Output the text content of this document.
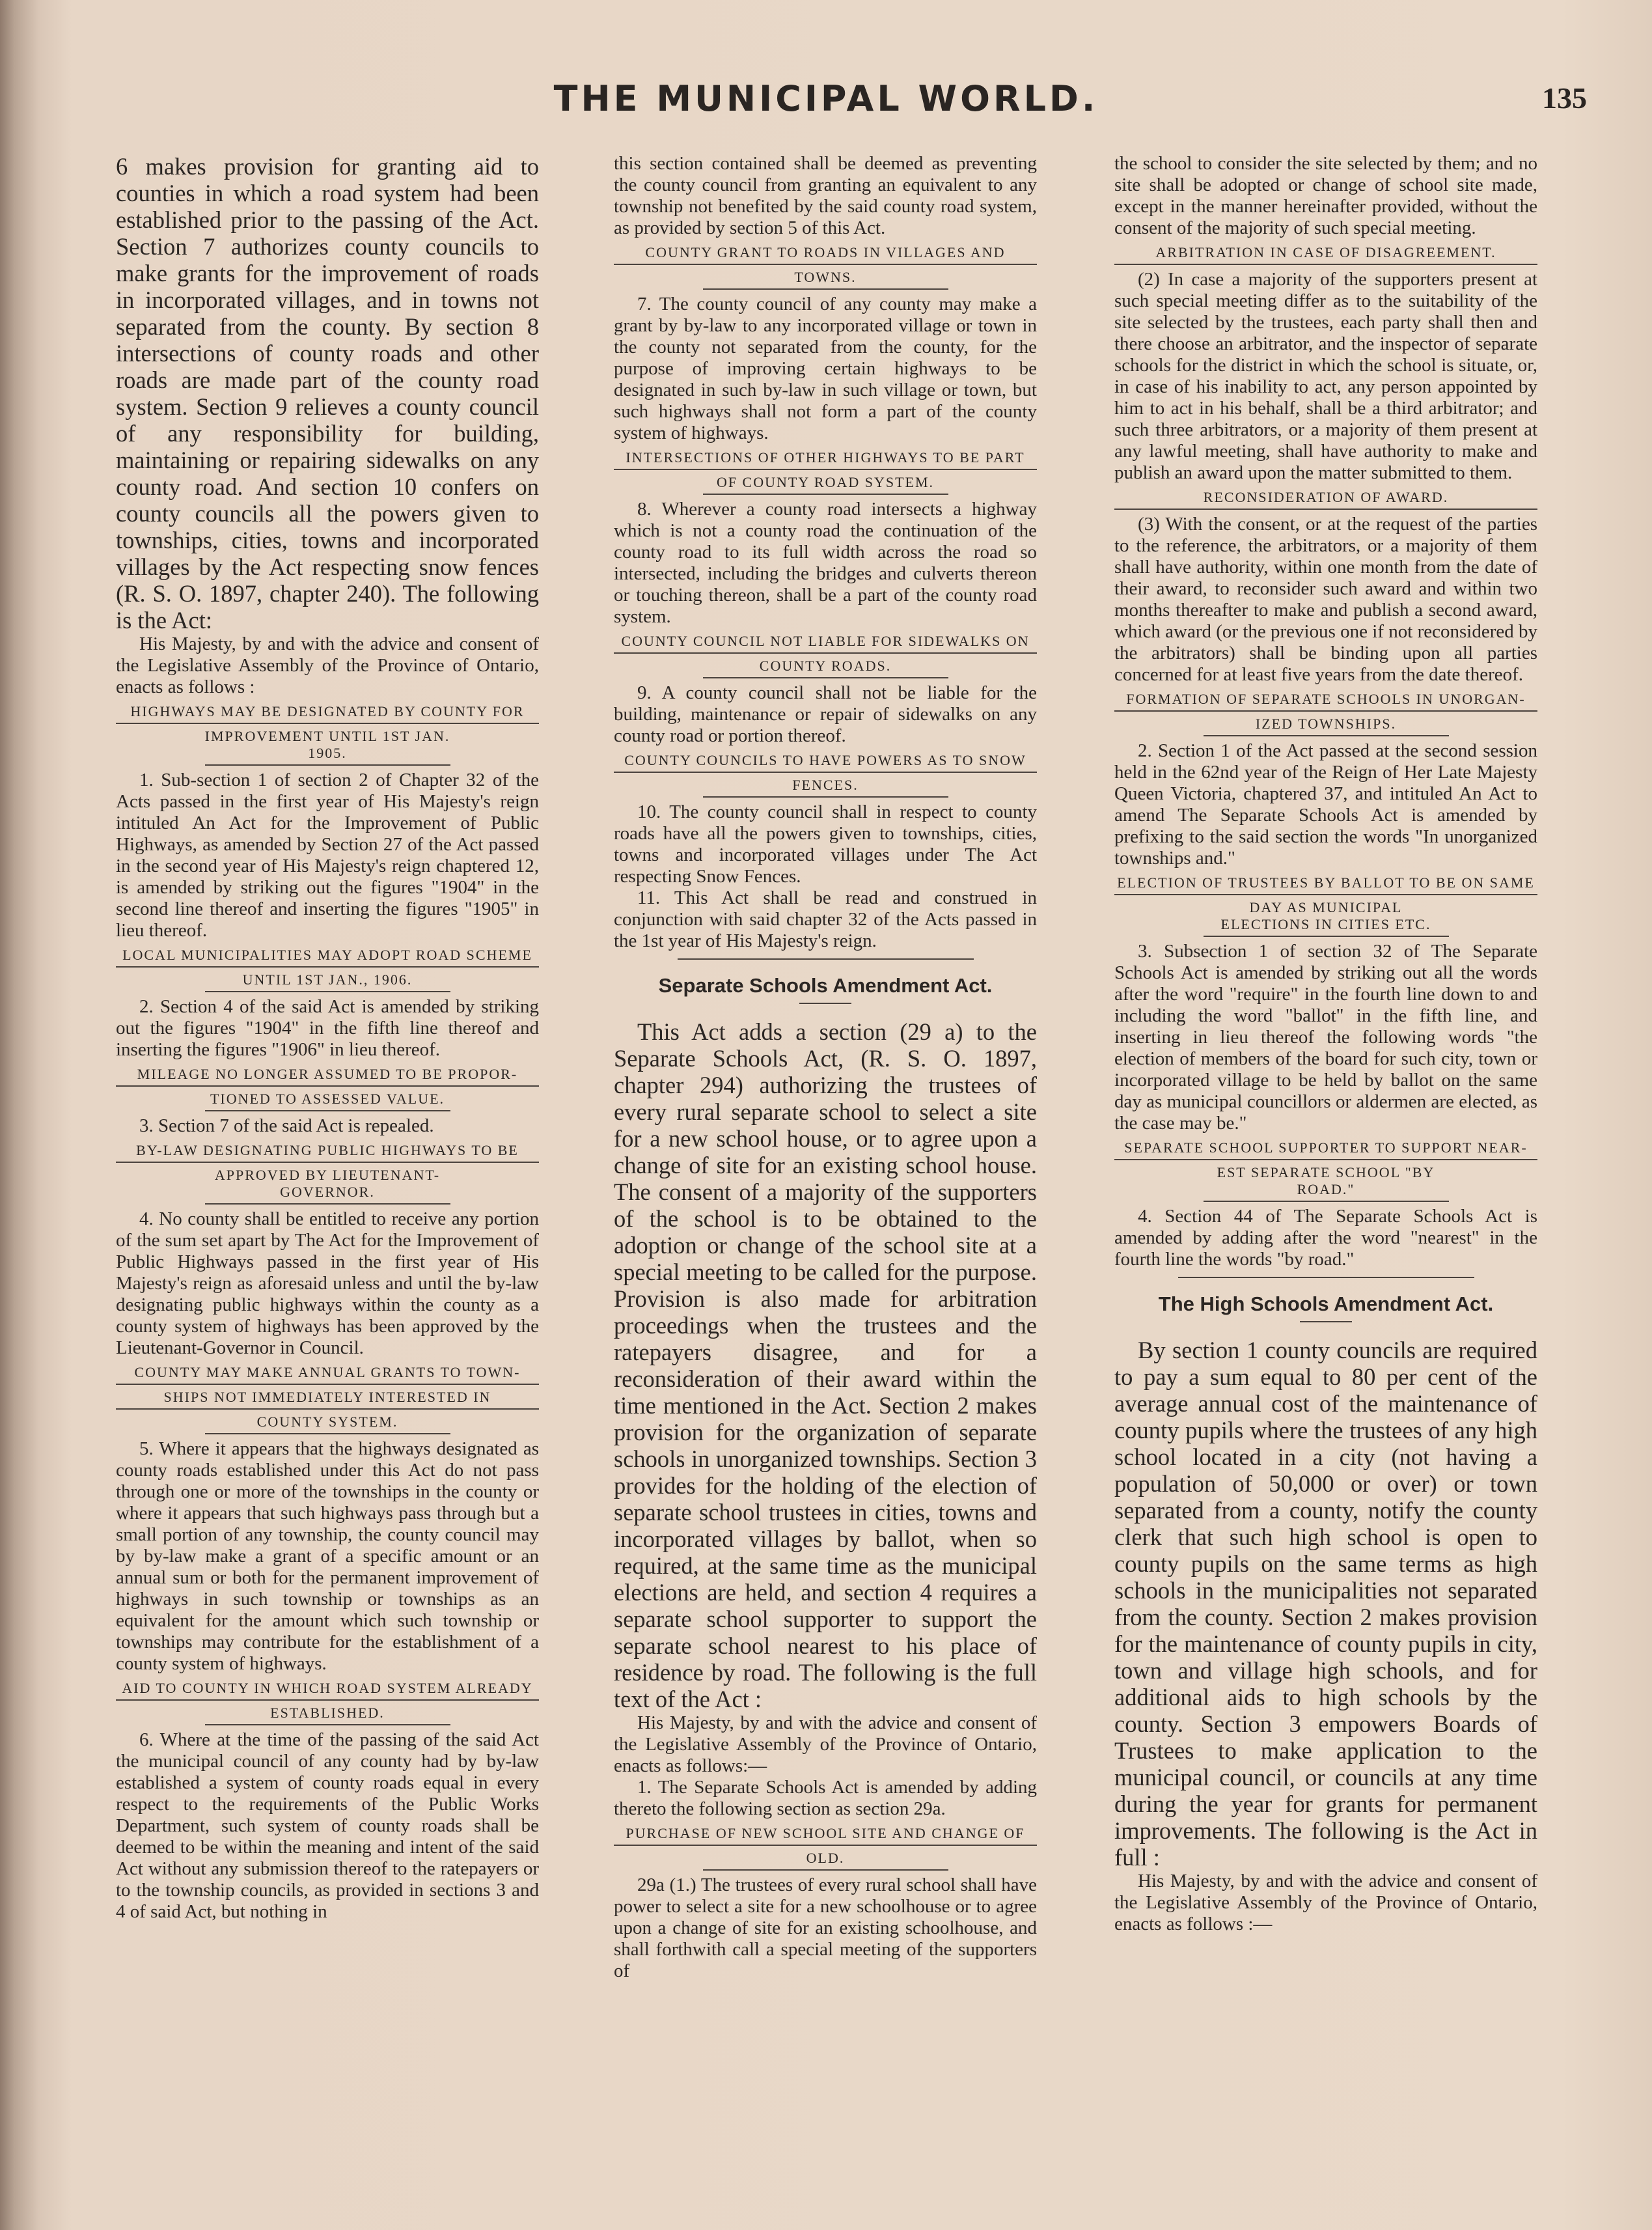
THE MUNICIPAL WORLD.	135

6 makes provision for granting aid to counties in which a road system had been established prior to the passing of the Act. Section 7 authorizes county councils to make grants for the improvement of roads in incorporated villages, and in towns not separated from the county. By section 8 intersections of county roads and other roads are made part of the county road system. Section 9 relieves a county council of any responsibility for building, maintaining or repairing sidewalks on any county road. And section 10 confers on county councils all the powers given to townships, cities, towns and incorporated villages by the Act respecting snow fences (R. S. O. 1897, chapter 240). The following is the Act:

His Majesty, by and with the advice and consent of the Legislative Assembly of the Province of Ontario, enacts as follows :

HIGHWAYS MAY BE DESIGNATED BY COUNTY FOR
IMPROVEMENT UNTIL 1ST JAN. 1905.

1. Sub-section 1 of section 2 of Chapter 32 of the Acts passed in the first year of His Majesty's reign intituled An Act for the Improvement of Public Highways, as amended by Section 27 of the Act passed in the second year of His Majesty's reign chaptered 12, is amended by striking out the figures "1904" in the second line thereof and inserting the figures "1905" in lieu thereof.

LOCAL MUNICIPALITIES MAY ADOPT ROAD SCHEME
UNTIL 1ST JAN., 1906.

2. Section 4 of the said Act is amended by striking out the figures "1904" in the fifth line thereof and inserting the figures "1906" in lieu thereof.

MILEAGE NO LONGER ASSUMED TO BE PROPOR-
TIONED TO ASSESSED VALUE.

3. Section 7 of the said Act is repealed.

BY-LAW DESIGNATING PUBLIC HIGHWAYS TO BE
APPROVED BY LIEUTENANT-GOVERNOR.

4. No county shall be entitled to receive any portion of the sum set apart by The Act for the Improvement of Public Highways passed in the first year of His Majesty's reign as aforesaid unless and until the by-law designating public highways within the county as a county system of highways has been approved by the Lieutenant-Governor in Council.

COUNTY MAY MAKE ANNUAL GRANTS TO TOWN-
SHIPS NOT IMMEDIATELY INTERESTED IN
COUNTY SYSTEM.

5. Where it appears that the highways designated as county roads established under this Act do not pass through one or more of the townships in the county or where it appears that such highways pass through but a small portion of any township, the county council may by by-law make a grant of a specific amount or an annual sum or both for the permanent improvement of highways in such township or townships as an equivalent for the amount which such township or townships may contribute for the establishment of a county system of highways.

AID TO COUNTY IN WHICH ROAD SYSTEM ALREADY
ESTABLISHED.

6. Where at the time of the passing of the said Act the municipal council of any county had by by-law established a system of county roads equal in every respect to the requirements of the Public Works Department, such system of county roads shall be deemed to be within the meaning and intent of the said Act without any submission thereof to the ratepayers or to the township councils, as provided in sections 3 and 4 of said Act, but nothing in

this section contained shall be deemed as preventing the county council from granting an equivalent to any township not benefited by the said county road system, as provided by section 5 of this Act.

COUNTY GRANT TO ROADS IN VILLAGES AND
TOWNS.

7. The county council of any county may make a grant by by-law to any incorporated village or town in the county not separated from the county, for the purpose of improving certain highways to be designated in such by-law in such village or town, but such highways shall not form a part of the county system of highways.

INTERSECTIONS OF OTHER HIGHWAYS TO BE PART
OF COUNTY ROAD SYSTEM.

8. Wherever a county road intersects a highway which is not a county road the continuation of the county road to its full width across the road so intersected, including the bridges and culverts thereon or touching thereon, shall be a part of the county road system.

COUNTY COUNCIL NOT LIABLE FOR SIDEWALKS ON
COUNTY ROADS.

9. A county council shall not be liable for the building, maintenance or repair of sidewalks on any county road or portion thereof.

COUNTY COUNCILS TO HAVE POWERS AS TO SNOW
FENCES.

10. The county council shall in respect to county roads have all the powers given to townships, cities, towns and incorporated villages under The Act respecting Snow Fences.

11. This Act shall be read and construed in conjunction with said chapter 32 of the Acts passed in the 1st year of His Majesty's reign.

Separate Schools Amendment Act.

This Act adds a section (29 a) to the Separate Schools Act, (R. S. O. 1897, chapter 294) authorizing the trustees of every rural separate school to select a site for a new school house, or to agree upon a change of site for an existing school house. The consent of a majority of the supporters of the school is to be obtained to the adoption or change of the school site at a special meeting to be called for the purpose. Provision is also made for arbitration proceedings when the trustees and the ratepayers disagree, and for a reconsideration of their award within the time mentioned in the Act. Section 2 makes provision for the organization of separate schools in unorganized townships. Section 3 provides for the holding of the election of separate school trustees in cities, towns and incorporated villages by ballot, when so required, at the same time as the municipal elections are held, and section 4 requires a separate school supporter to support the separate school nearest to his place of residence by road. The following is the full text of the Act :

His Majesty, by and with the advice and consent of the Legislative Assembly of the Province of Ontario, enacts as follows:—

1. The Separate Schools Act is amended by adding thereto the following section as section 29a.

PURCHASE OF NEW SCHOOL SITE AND CHANGE OF
OLD.

29a (1.) The trustees of every rural school shall have power to select a site for a new schoolhouse or to agree upon a change of site for an existing schoolhouse, and shall forthwith call a special meeting of the supporters of

the school to consider the site selected by them; and no site shall be adopted or change of school site made, except in the manner hereinafter provided, without the consent of the majority of such special meeting.

ARBITRATION IN CASE OF DISAGREEMENT.

(2) In case a majority of the supporters present at such special meeting differ as to the suitability of the site selected by the trustees, each party shall then and there choose an arbitrator, and the inspector of separate schools for the district in which the school is situate, or, in case of his inability to act, any person appointed by him to act in his behalf, shall be a third arbitrator; and such three arbitrators, or a majority of them present at any lawful meeting, shall have authority to make and publish an award upon the matter submitted to them.

RECONSIDERATION OF AWARD.

(3) With the consent, or at the request of the parties to the reference, the arbitrators, or a majority of them shall have authority, within one month from the date of their award, to reconsider such award and within two months thereafter to make and publish a second award, which award (or the previous one if not reconsidered by the arbitrators) shall be binding upon all parties concerned for at least five years from the date thereof.

FORMATION OF SEPARATE SCHOOLS IN UNORGAN-
IZED TOWNSHIPS.

2. Section 1 of the Act passed at the second session held in the 62nd year of the Reign of Her Late Majesty Queen Victoria, chaptered 37, and intituled An Act to amend The Separate Schools Act is amended by prefixing to the said section the words "In unorganized townships and."

ELECTION OF TRUSTEES BY BALLOT TO BE ON SAME
DAY AS MUNICIPAL ELECTIONS IN CITIES ETC.

3. Subsection 1 of section 32 of The Separate Schools Act is amended by striking out all the words after the word "require" in the fourth line down to and including the word "ballot" in the fifth line, and inserting in lieu thereof the following words "the election of members of the board for such city, town or incorporated village to be held by ballot on the same day as municipal councillors or aldermen are elected, as the case may be."

SEPARATE SCHOOL SUPPORTER TO SUPPORT NEAR-
EST SEPARATE SCHOOL "BY ROAD."

4. Section 44 of The Separate Schools Act is amended by adding after the word "nearest" in the fourth line the words "by road."

The High Schools Amendment Act.

By section 1 county councils are required to pay a sum equal to 80 per cent of the average annual cost of the maintenance of county pupils where the trustees of any high school located in a city (not having a population of 50,000 or over) or town separated from a county, notify the county clerk that such high school is open to county pupils on the same terms as high schools in the municipalities not separated from the county. Section 2 makes provision for the maintenance of county pupils in city, town and village high schools, and for additional aids to high schools by the county. Section 3 empowers Boards of Trustees to make application to the municipal council, or councils at any time during the year for grants for permanent improvements. The following is the Act in full :

His Majesty, by and with the advice and consent of the Legislative Assembly of the Province of Ontario, enacts as follows :—
